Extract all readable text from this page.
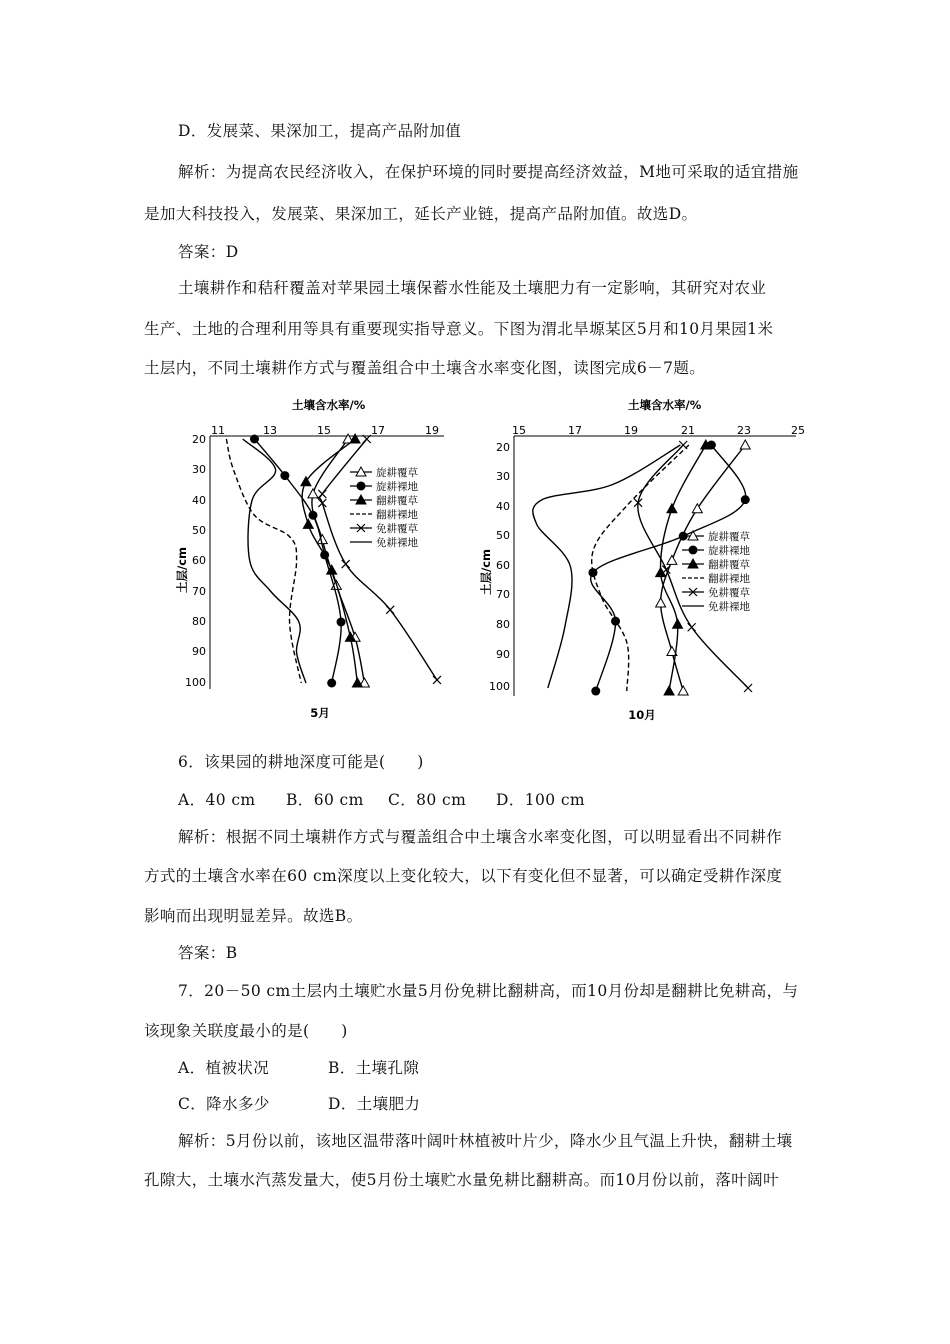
D．发展菜、果深加工，提高产品附加值
解析：为提高农民经济收入，在保护环境的同时要提高经济效益，M地可采取的适宜措施
是加大科技投入，发展菜、果深加工，延长产业链，提高产品附加值。故选D。
答案：D
土壤耕作和秸秆覆盖对苹果园土壤保蓄水性能及土壤肥力有一定影响，其研究对农业
生产、土地的合理利用等具有重要现实指导意义。下图为渭北旱塬某区5月和10月果园1米
土层内，不同土壤耕作方式与覆盖组合中土壤含水率变化图，读图完成6－7题。
土壤含水率/%
11	13	15	17	19
20
30
40
50
60
70
80
90
100
土层/cm
5月
土壤含水率/%
15	17	19	21	23	25
20
30
40
50
60
70
80
90
100
土层/cm
10月
旋耕覆草
旋耕裸地
翻耕覆草
翻耕裸地
免耕覆草
免耕裸地	旋耕覆草
旋耕裸地
翻耕覆草
翻耕裸地
免耕覆草
免耕裸地
6．该果园的耕地深度可能是(　　)
A．40 cm B．60 cm C．80 cm D．100 cm
解析：根据不同土壤耕作方式与覆盖组合中土壤含水率变化图，可以明显看出不同耕作
方式的土壤含水率在60 cm深度以上变化较大，以下有变化但不显著，可以确定受耕作深度
影响而出现明显差异。故选B。
答案：B
7．20－50 cm土层内土壤贮水量5月份免耕比翻耕高，而10月份却是翻耕比免耕高，与
该现象关联度最小的是(　　)
A．植被状况	B．土壤孔隙
C．降水多少	D．土壤肥力
解析：5月份以前，该地区温带落叶阔叶林植被叶片少，降水少且气温上升快，翻耕土壤
孔隙大，土壤水汽蒸发量大，使5月份土壤贮水量免耕比翻耕高。而10月份以前，落叶阔叶
